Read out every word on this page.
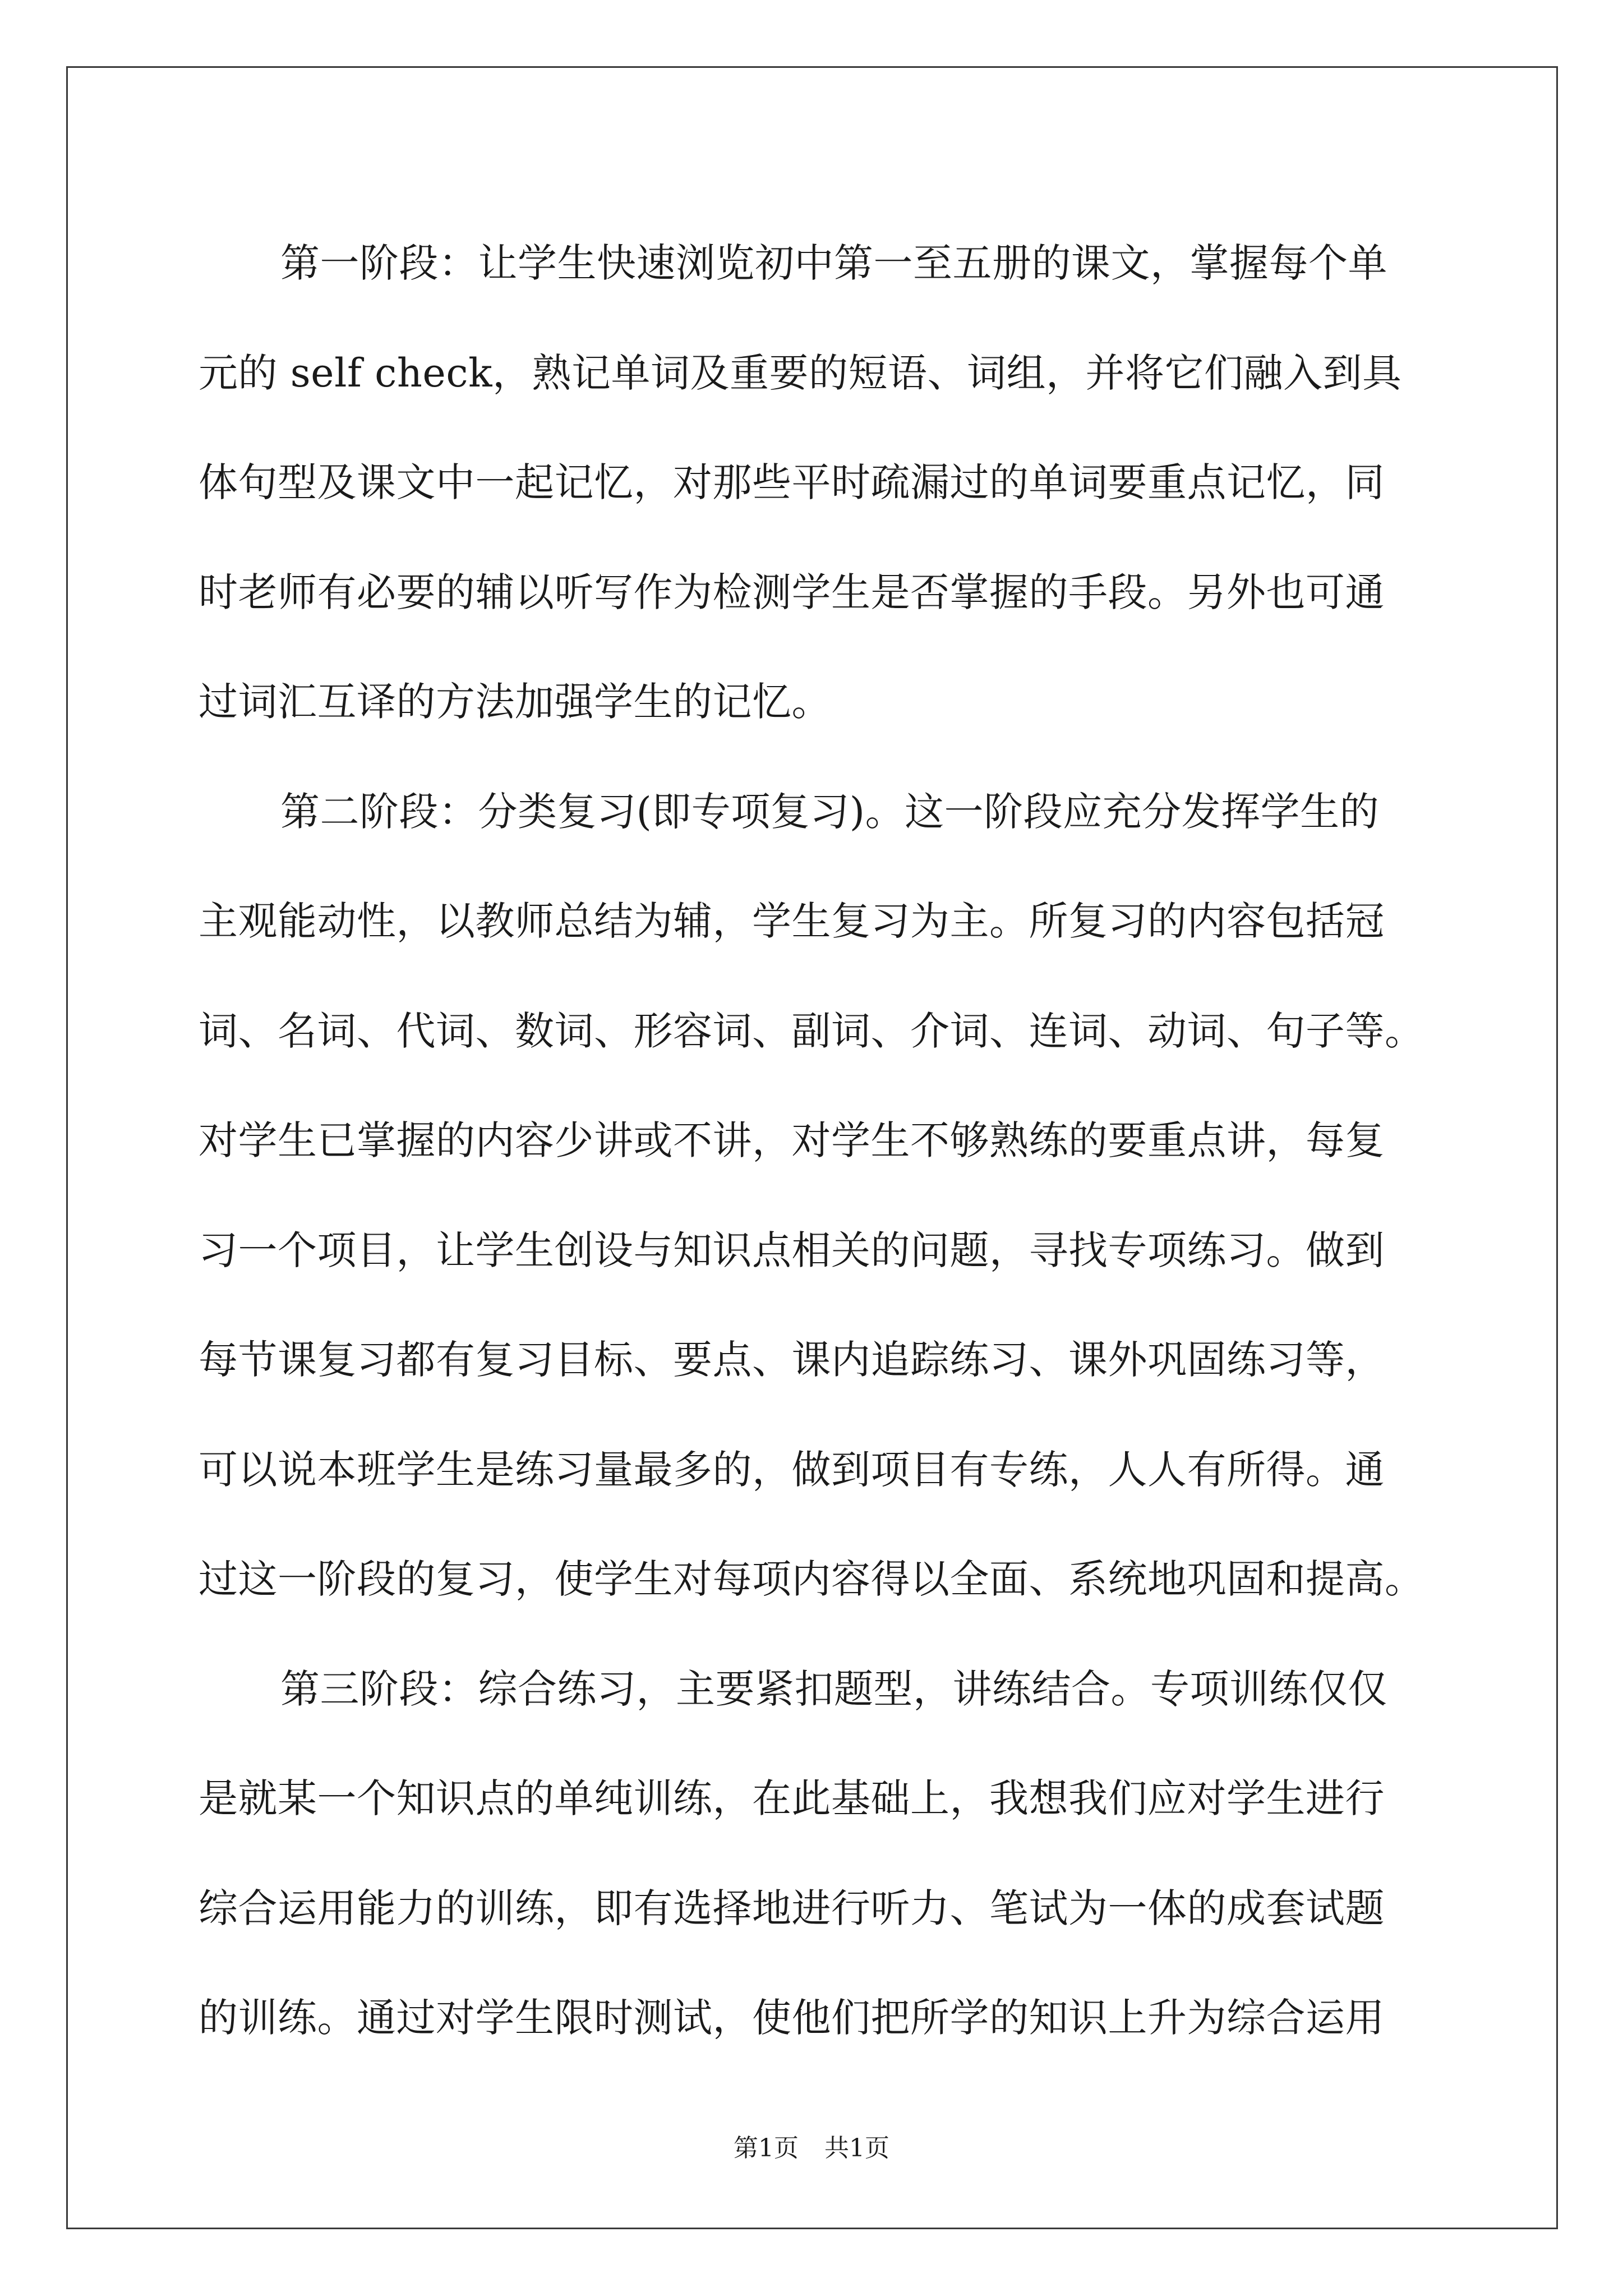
第一阶段：让学生快速浏览初中第一至五册的课文，掌握每个单
元的 self check，熟记单词及重要的短语、词组，并将它们融入到具
体句型及课文中一起记忆，对那些平时疏漏过的单词要重点记忆，同
时老师有必要的辅以听写作为检测学生是否掌握的手段。另外也可通
过词汇互译的方法加强学生的记忆。
第二阶段：分类复习(即专项复习)。这一阶段应充分发挥学生的
主观能动性，以教师总结为辅，学生复习为主。所复习的内容包括冠
词、名词、代词、数词、形容词、副词、介词、连词、动词、句子等。
对学生已掌握的内容少讲或不讲，对学生不够熟练的要重点讲，每复
习一个项目，让学生创设与知识点相关的问题，寻找专项练习。做到
每节课复习都有复习目标、要点、课内追踪练习、课外巩固练习等，
可以说本班学生是练习量最多的，做到项目有专练，人人有所得。通
过这一阶段的复习，使学生对每项内容得以全面、系统地巩固和提高。
第三阶段：综合练习，主要紧扣题型，讲练结合。专项训练仅仅
是就某一个知识点的单纯训练，在此基础上，我想我们应对学生进行
综合运用能力的训练，即有选择地进行听力、笔试为一体的成套试题
的训练。通过对学生限时测试，使他们把所学的知识上升为综合运用
第1页 共1页
